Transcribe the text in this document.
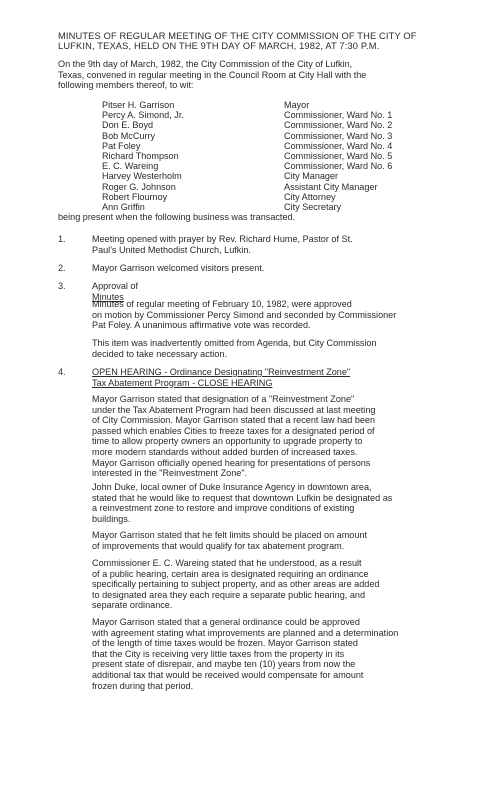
MINUTES OF REGULAR MEETING OF THE CITY COMMISSION OF THE CITY OF
LUFKIN, TEXAS, HELD ON THE 9TH DAY OF MARCH, 1982, AT 7:30 P.M.
On the 9th day of March, 1982, the City Commission of the City of Lufkin,
Texas, convened in regular meeting in the Council Room at City Hall with the
following members thereof, to wit:
Pitser H. Garrison	Mayor
Percy A. Simond, Jr.	Commissioner, Ward No. 1
Don E. Boyd	Commissioner, Ward No. 2
Bob McCurry	Commissioner, Ward No. 3
Pat Foley	Commissioner, Ward No. 4
Richard Thompson	Commissioner, Ward No. 5
E. C. Wareing	Commissioner, Ward No. 6
Harvey Westerholm	City Manager
Roger G. Johnson	Assistant City Manager
Robert Flournoy	City Attorney
Ann Griffin	City Secretary
being present when the following business was transacted.
1.	Meeting opened with prayer by Rev. Richard Hume, Pastor of St.
Paul's United Methodist Church, Lufkin.
2.	Mayor Garrison welcomed visitors present.
3.	Approval of
Minutes
Minutes of regular meeting of February 10, 1982, were approved
on motion by Commissioner Percy Simond and seconded by Commissioner
Pat Foley. A unanimous affirmative vote was recorded.
This item was inadvertently omitted from Agenda, but City Commission
decided to take necessary action.
4.	OPEN HEARING - Ordinance Designating "Reinvestment Zone"
Tax Abatement Program - CLOSE HEARING
Mayor Garrison stated that designation of a "Reinvestment Zone"
under the Tax Abatement Program had been discussed at last meeting
of City Commission. Mayor Garrison stated that a recent law had been
passed which enables Cities to freeze taxes for a designated period of
time to allow property owners an opportunity to upgrade property to
more modern standards without added burden of increased taxes.
Mayor Garrison officially opened hearing for presentations of persons
interested in the "Reinvestment Zone".
John Duke, local owner of Duke Insurance Agency in downtown area,
stated that he would like to request that downtown Lufkin be designated as
a reinvestment zone to restore and improve conditions of existing
buildings.
Mayor Garrison stated that he felt limits should be placed on amount
of improvements that would qualify for tax abatement program.
Commissioner E. C. Wareing stated that he understood, as a result
of a public hearing, certain area is designated requiring an ordinance
specifically pertaining to subject property, and as other areas are added
to designated area they each require a separate public hearing, and
separate ordinance.
Mayor Garrison stated that a general ordinance could be approved
with agreement stating what improvements are planned and a determination
of the length of time taxes would be frozen. Mayor Garrison stated
that the City is receiving very little taxes from the property in its
present state of disrepair, and maybe ten (10) years from now the
additional tax that would be received would compensate for amount
frozen during that period.
